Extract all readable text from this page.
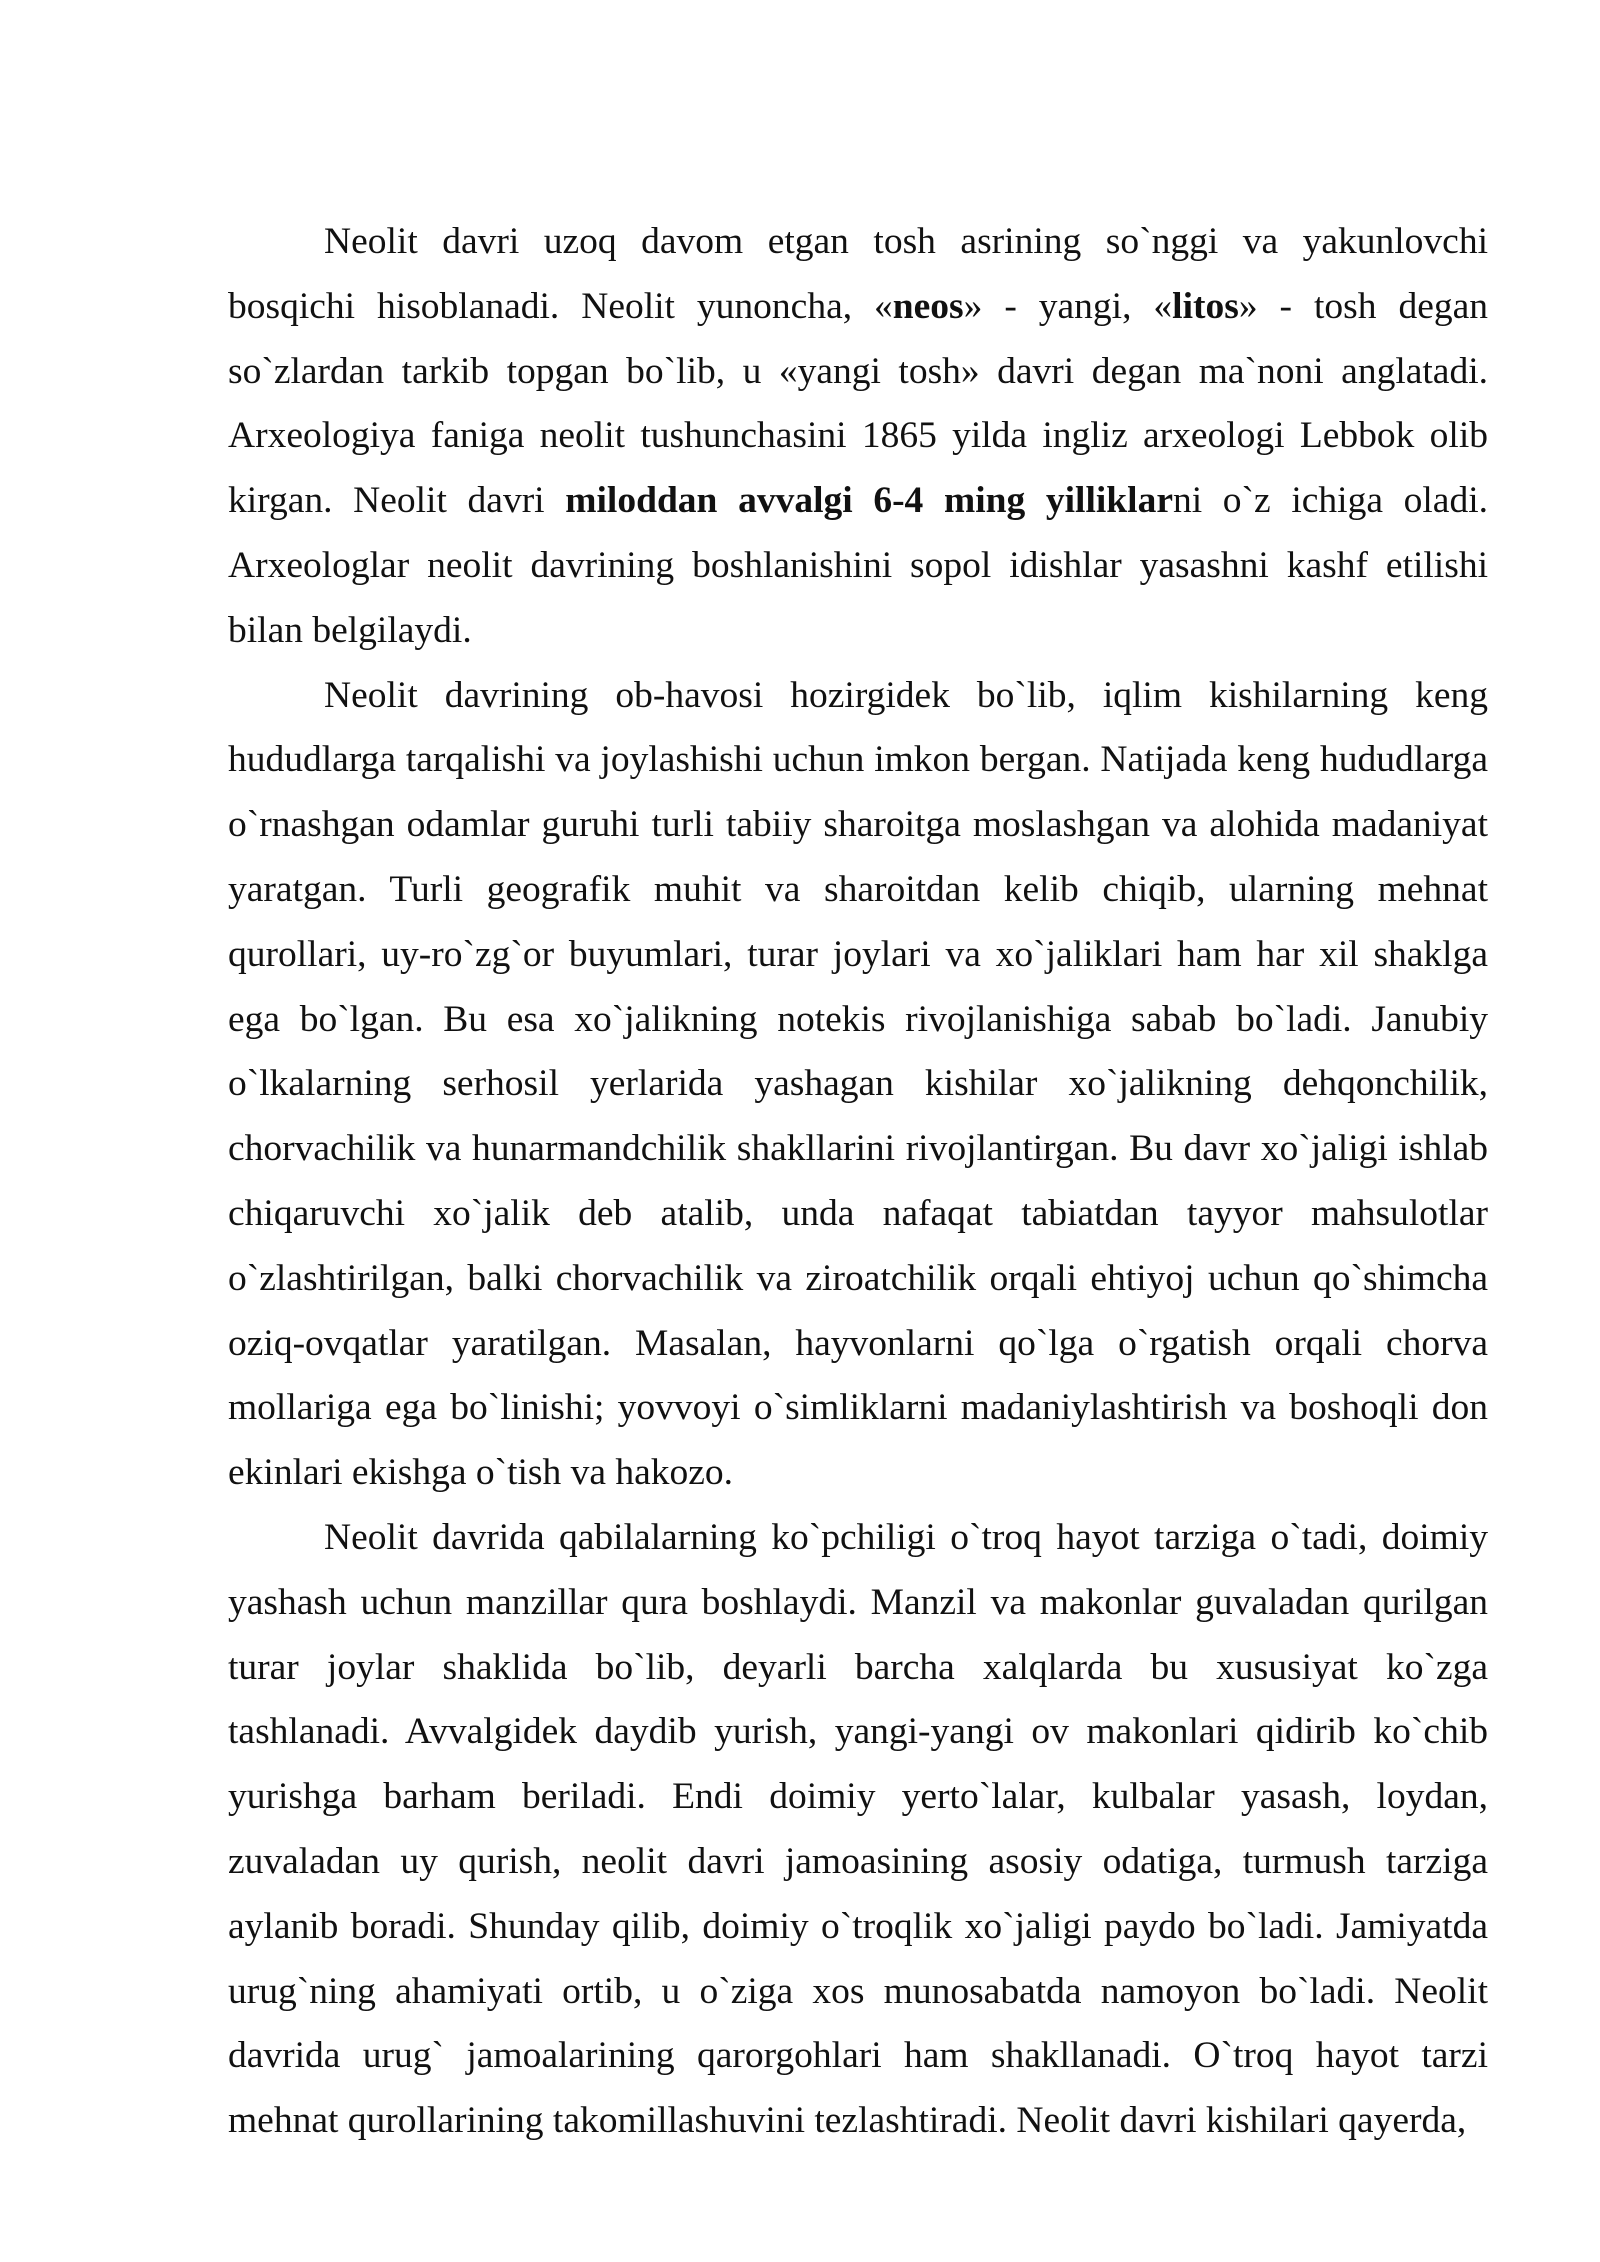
Neolit davri uzoq davom etgan tosh asrining so`nggi va yakunlovchi bosqichi hisoblanadi. Neolit yunoncha, «neos» - yangi, «litos» - tosh degan so`zlardan tarkib topgan bo`lib, u «yangi tosh» davri degan ma`noni anglatadi. Arxeologiya faniga neolit tushunchasini 1865 yilda ingliz arxeologi Lebbok olib kirgan. Neolit davri miloddan avvalgi 6-4 ming yilliklarni o`z ichiga oladi. Arxeologlar neolit davrining boshlanishini sopol idishlar yasashni kashf etilishi bilan belgilaydi.

Neolit davrining ob-havosi hozirgidek bo`lib, iqlim kishilarning keng hududlarga tarqalishi va joylashishi uchun imkon bergan. Natijada keng hududlarga o`rnashgan odamlar guruhi turli tabiiy sharoitga moslashgan va alohida madaniyat yaratgan. Turli geografik muhit va sharoitdan kelib chiqib, ularning mehnat qurollari, uy-ro`zg`or buyumlari, turar joylari va xo`jaliklari ham har xil shaklga ega bo`lgan. Bu esa xo`jalikning notekis rivojlanishiga sabab bo`ladi. Janubiy o`lkalarning serhosil yerlarida yashagan kishilar xo`jalikning dehqonchilik, chorvachilik va hunarmandchilik shakllarini rivojlantirgan. Bu davr xo`jaligi ishlab chiqaruvchi xo`jalik deb atalib, unda nafaqat tabiatdan tayyor mahsulotlar o`zlashtirilgan, balki chorvachilik va ziroatchilik orqali ehtiyoj uchun qo`shimcha oziq-ovqatlar yaratilgan. Masalan, hayvonlarni qo`lga o`rgatish orqali chorva mollariga ega bo`linishi; yovvoyi o`simliklarni madaniylashtirish va boshoqli don ekinlari ekishga o`tish va hakozo.

Neolit davrida qabilalarning ko`pchiligi o`troq hayot tarziga o`tadi, doimiy yashash uchun manzillar qura boshlaydi. Manzil va makonlar guvaladan qurilgan turar joylar shaklida bo`lib, deyarli barcha xalqlarda bu xususiyat ko`zga tashlanadi. Avvalgidek daydib yurish, yangi-yangi ov makonlari qidirib ko`chib yurishga barham beriladi. Endi doimiy yerto`lalar, kulbalar yasash, loydan, zuvaladan uy qurish, neolit davri jamoasining asosiy odatiga, turmush tarziga aylanib boradi. Shunday qilib, doimiy o`troqlik xo`jaligi paydo bo`ladi. Jamiyatda urug`ning ahamiyati ortib, u o`ziga xos munosabatda namoyon bo`ladi. Neolit davrida urug` jamoalarining qarorgohlari ham shakllanadi. O`troq hayot tarzi mehnat qurollarining takomillashuvini tezlashtiradi. Neolit davri kishilari qayerda,
